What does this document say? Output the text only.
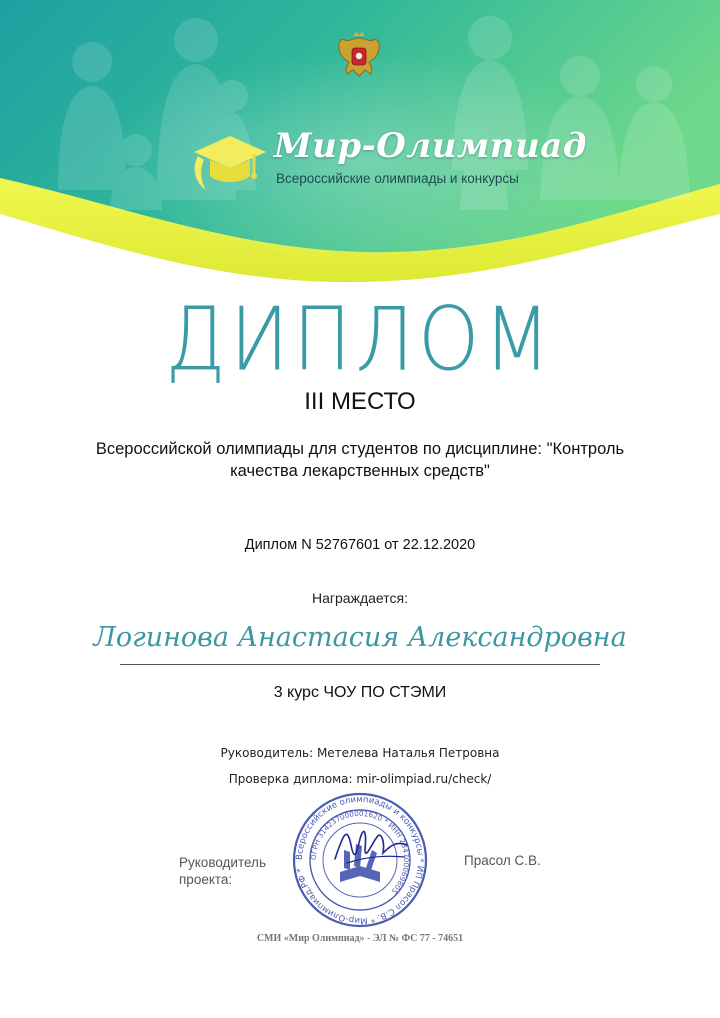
Мир-Олимпиад
Всероссийские олимпиады и конкурсы
ДИПЛОМ
III МЕСТО
Всероссийской олимпиады для студентов по дисциплине: "Контроль качества лекарственных средств"
Диплом N 52767601 от 22.12.2020
Награждается:
Логинова Анастасия Александровна
3 курс ЧОУ ПО СТЭМИ
Руководитель: Метелева Наталья Петровна
Проверка диплома: mir-olimpiad.ru/check/
Руководитель проекта:
Прасол С.В.
Всероссийские олимпиады и конкурсы * ИП Прасол С.В. * Мир-Олимпиад.РФ *
ОГРН 314237000001620 * ИНН 234700069805
СМИ «Мир Олимпиад» - ЭЛ № ФС 77 - 74651
